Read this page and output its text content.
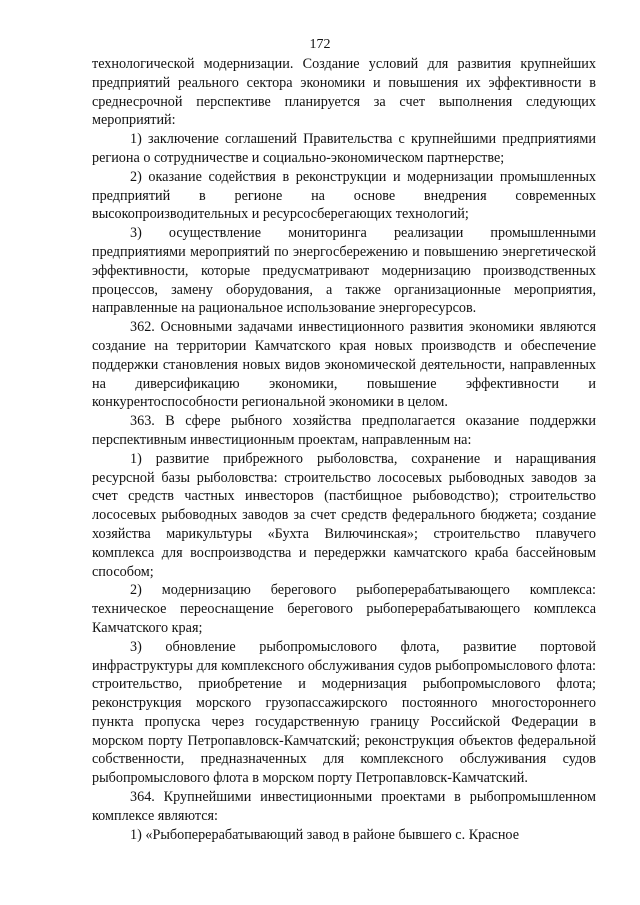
172

технологической модернизации. Создание условий для развития крупнейших предприятий реального сектора экономики и повышения их эффективности в среднесрочной перспективе планируется за счет выполнения следующих мероприятий:

1) заключение соглашений Правительства с крупнейшими предприятиями региона о сотрудничестве и социально-экономическом партнерстве;

2) оказание содействия в реконструкции и модернизации промышленных предприятий в регионе на основе внедрения современных высокопроизводительных и ресурсосберегающих технологий;

3) осуществление мониторинга реализации промышленными предприятиями мероприятий по энергосбережению и повышению энергетической эффективности, которые предусматривают модернизацию производственных процессов, замену оборудования, а также организационные мероприятия, направленные на рациональное использование энергоресурсов.

362. Основными задачами инвестиционного развития экономики являются создание на территории Камчатского края новых производств и обеспечение поддержки становления новых видов экономической деятельности, направленных на диверсификацию экономики, повышение эффективности и конкурентоспособности региональной экономики в целом.

363. В сфере рыбного хозяйства предполагается оказание поддержки перспективным инвестиционным проектам, направленным на:

1) развитие прибрежного рыболовства, сохранение и наращивания ресурсной базы рыболовства: строительство лососевых рыбоводных заводов за счет средств частных инвесторов (пастбищное рыбоводство); строительство лососевых рыбоводных заводов за счет средств федерального бюджета; создание хозяйства марикультуры «Бухта Вилючинская»; строительство плавучего комплекса для воспроизводства и передержки камчатского краба бассейновым способом;

2) модернизацию берегового рыбоперерабатывающего комплекса: техническое переоснащение берегового рыбоперерабатывающего комплекса Камчатского края;

3) обновление рыбопромыслового флота, развитие портовой инфраструктуры для комплексного обслуживания судов рыбопромыслового флота: строительство, приобретение и модернизация рыбопромыслового флота; реконструкция морского грузопассажирского постоянного многостороннего пункта пропуска через государственную границу Российской Федерации в морском порту Петропавловск-Камчатский; реконструкция объектов федеральной собственности, предназначенных для комплексного обслуживания судов рыбопромыслового флота в морском порту Петропавловск-Камчатский.

364. Крупнейшими инвестиционными проектами в рыбопромышленном комплексе являются:

1) «Рыбоперерабатывающий завод в районе бывшего с. Красное
